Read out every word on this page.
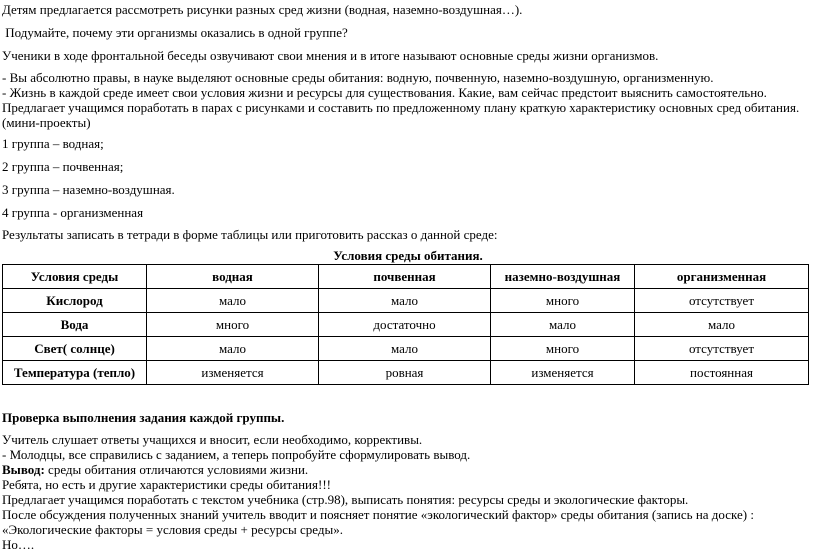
Детям предлагается рассмотреть рисунки разных сред жизни (водная, наземно-воздушная…).
Подумайте, почему эти организмы оказались в одной группе?
Ученики в ходе фронтальной беседы озвучивают свои мнения и в итоге называют основные среды жизни организмов.
- Вы абсолютно правы, в науке выделяют основные среды обитания: водную, почвенную, наземно-воздушную, организменную.
- Жизнь в каждой среде имеет свои условия жизни и ресурсы для существования. Какие, вам сейчас предстоит выяснить самостоятельно.
Предлагает учащимся поработать в парах с рисунками и составить по предложенному плану краткую характеристику основных сред обитания. (мини-проекты)
1 группа – водная;
2 группа – почвенная;
3 группа – наземно-воздушная.
4 группа - организменная
Результаты записать в тетради в форме таблицы или приготовить рассказ о данной среде:
Условия среды обитания.
Условия среды	водная	почвенная	наземно-воздушная	организменная
Кислород	мало	мало	много	отсутствует
Вода	много	достаточно	мало	мало
Свет( солнце)	мало	мало	много	отсутствует
Температура (тепло)	изменяется	ровная	изменяется	постоянная
Проверка выполнения задания каждой группы.
Учитель слушает ответы учащихся и вносит, если необходимо, коррективы.
- Молодцы, все справились с заданием, а теперь попробуйте сформулировать вывод.
Вывод: среды обитания отличаются условиями жизни.
Ребята, но есть и другие характеристики среды обитания!!!
Предлагает учащимся поработать с текстом учебника (стр.98), выписать понятия: ресурсы среды и экологические факторы.
После обсуждения полученных знаний учитель вводит и поясняет понятие «экологический фактор» среды обитания (запись на доске) :
«Экологические факторы = условия среды + ресурсы среды».
Но….
